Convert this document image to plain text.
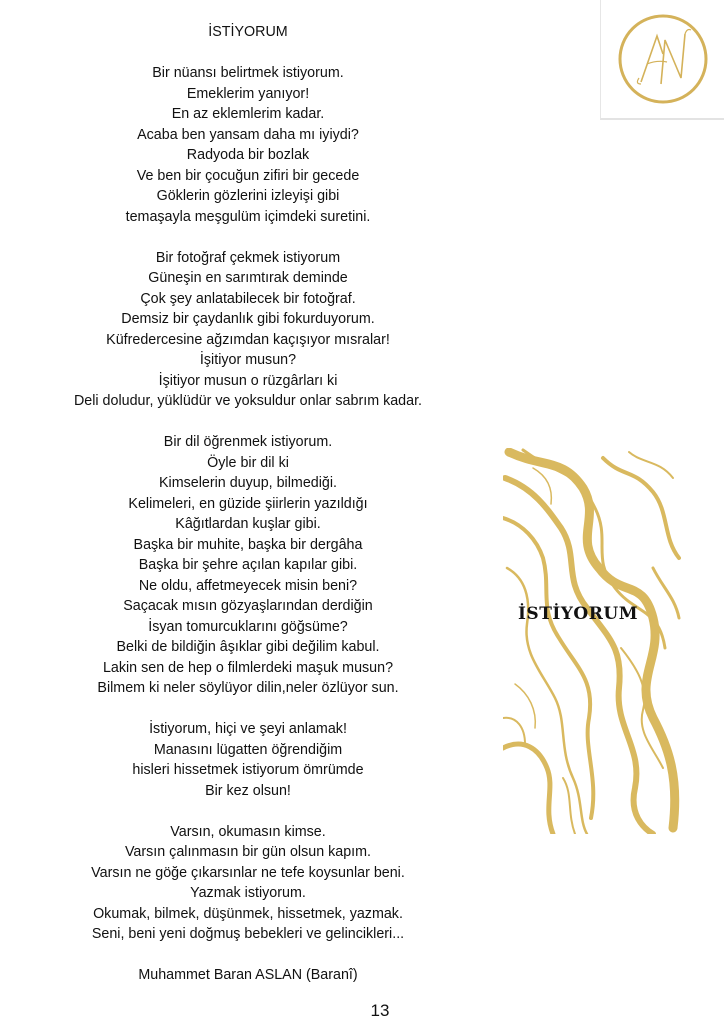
İSTİYORUM
Bir nüansı belirtmek istiyorum.
Emeklerim yanıyor!
En az eklemlerim kadar.
Acaba ben yansam daha mı iyiydi?
Radyoda bir bozlak
Ve ben bir çocuğun zifiri bir gecede
Göklerin gözlerini izleyişi gibi
temaşayla meşgulüm içimdeki suretini.
Bir fotoğraf çekmek istiyorum
Güneşin en sarımtırak deminde
Çok şey anlatabilecek bir fotoğraf.
Demsiz bir çaydanlık gibi fokurduyorum.
Küfredercesine ağzımdan kaçışıyor mısralar!
İşitiyor musun?
İşitiyor musun o rüzgârları ki
Deli doludur, yüklüdür ve yoksuldur onlar sabrım kadar.
Bir dil öğrenmek istiyorum.
Öyle bir dil ki
Kimselerin duyup, bilmediği.
Kelimeleri, en güzide şiirlerin yazıldığı
Kâğıtlardan kuşlar gibi.
Başka bir muhite, başka bir dergâha
Başka bir şehre açılan kapılar gibi.
Ne oldu, affetmeyecek misin beni?
Saçacak mısın gözyaşlarından derdiğin
İsyan tomurcuklarını göğsüme?
Belki de bildiğin âşıklar gibi değilim kabul.
Lakin sen de hep o filmlerdeki maşuk musun?
Bilmem ki neler söylüyor dilin,neler özlüyor sun.
İstiyorum, hiçi ve şeyi anlamak!
Manasını lügatten öğrendiğim
hisleri hissetmek istiyorum ömrümde
Bir kez olsun!
Varsın, okumasın kimse.
Varsın çalınmasın bir gün olsun kapım.
Varsın ne göğe çıkarsınlar ne tefe koysunlar beni.
Yazmak istiyorum.
Okumak, bilmek, düşünmek, hissetmek, yazmak.
Seni, beni yeni doğmuş bebekleri ve gelincikleri...
Muhammet Baran ASLAN (Baranî)
13
İSTİYORUM
